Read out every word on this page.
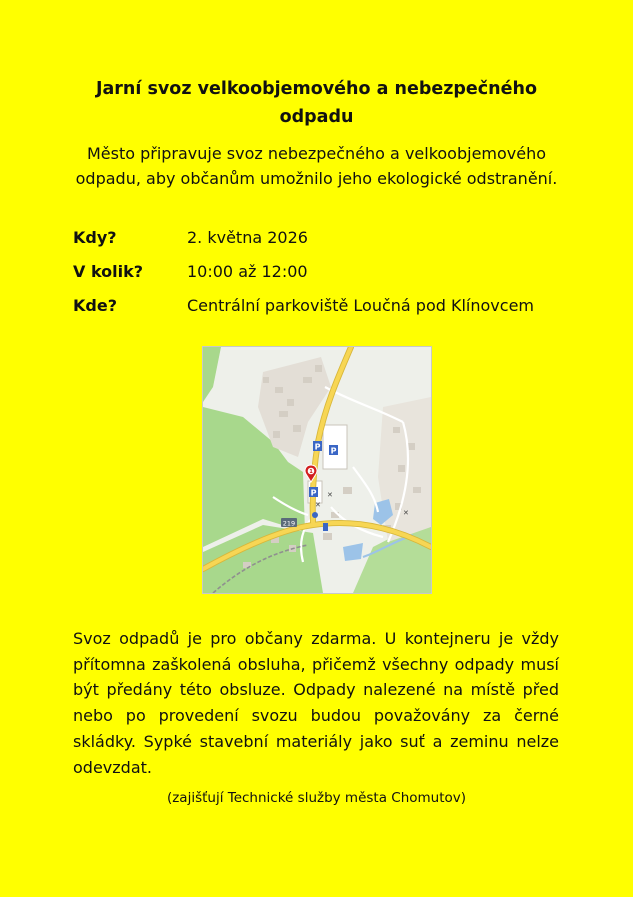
Jarní svoz velkoobjemového a nebezpečného odpadu
Město připravuje svoz nebezpečného a velkoobjemového odpadu, aby občanům umožnilo jeho ekologické odstranění.
Kdy?	2. května 2026
V kolik?	10:00 až 12:00
Kde?	Centrální parkoviště Loučná pod Klínovcem
219
P P
P
✕
✕
✕
1
Svoz odpadů je pro občany zdarma. U kontejneru je vždy přítomna zaškolená obsluha, přičemž všechny odpady musí být předány této obsluze. Odpady nalezené na místě před nebo po provedení svozu budou považovány za černé skládky. Sypké stavební materiály jako suť a zeminu nelze odevzdat.
(zajišťují Technické služby města Chomutov)
